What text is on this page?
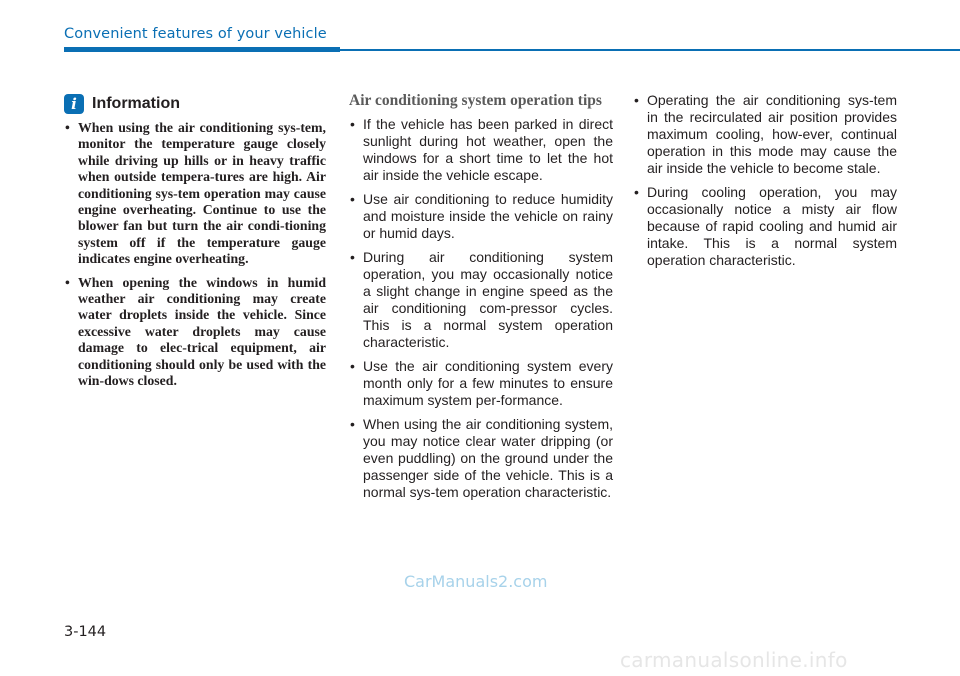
Convenient features of your vehicle
i Information
• When using the air conditioning sys-tem, monitor the temperature gauge closely while driving up hills or in heavy traffic when outside tempera-tures are high. Air conditioning sys-tem operation may cause engine overheating. Continue to use the blower fan but turn the air condi-tioning system off if the temperature gauge indicates engine overheating.
• When opening the windows in humid weather air conditioning may create water droplets inside the vehicle. Since excessive water droplets may cause damage to elec-trical equipment, air conditioning should only be used with the win-dows closed.
Air conditioning system operation tips
• If the vehicle has been parked in direct sunlight during hot weather, open the windows for a short time to let the hot air inside the vehicle escape.
• Use air conditioning to reduce humidity and moisture inside the vehicle on rainy or humid days.
• During air conditioning system operation, you may occasionally notice a slight change in engine speed as the air conditioning com-pressor cycles. This is a normal system operation characteristic.
• Use the air conditioning system every month only for a few minutes to ensure maximum system per-formance.
• When using the air conditioning system, you may notice clear water dripping (or even puddling) on the ground under the passenger side of the vehicle. This is a normal sys-tem operation characteristic.
• Operating the air conditioning sys-tem in the recirculated air position provides maximum cooling, how-ever, continual operation in this mode may cause the air inside the vehicle to become stale.
• During cooling operation, you may occasionally notice a misty air flow because of rapid cooling and humid air intake. This is a normal system operation characteristic.
CarManuals2.com
3-144
carmanualsonline.info
